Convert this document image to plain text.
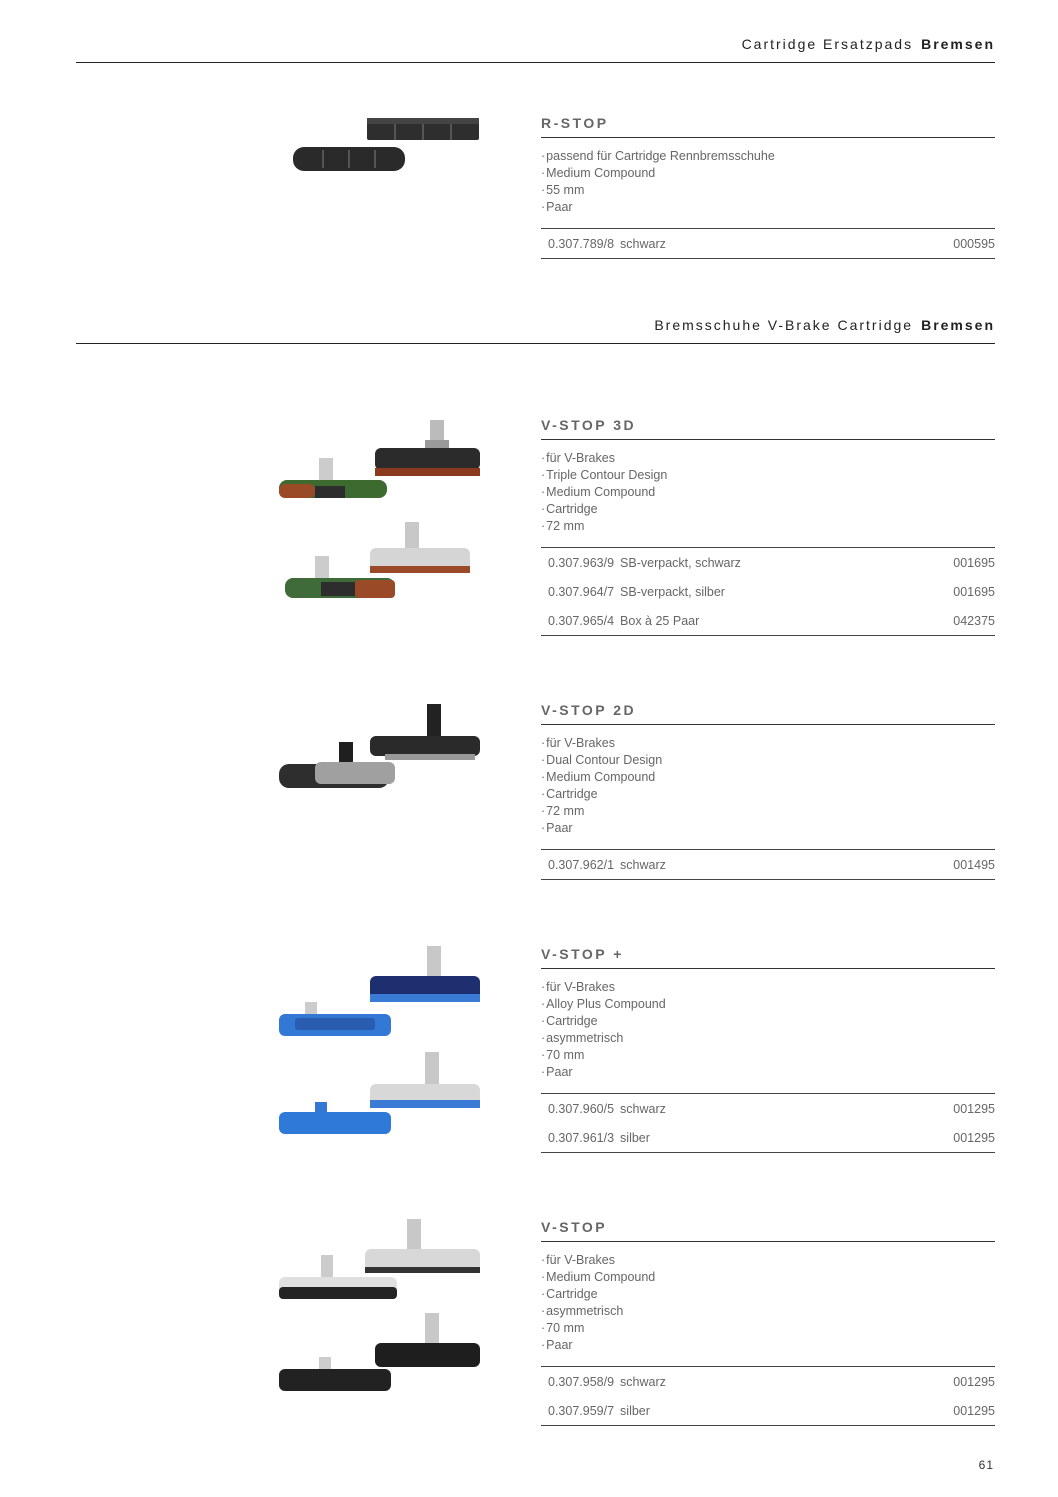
Cartridge Ersatzpads Bremsen
Bremsschuhe V-Brake Cartridge Bremsen
R-STOP
· passend für Cartridge Rennbremsschuhe
· Medium Compound
· 55 mm
· Paar
0.307.789/8 schwarz	000595
V-STOP 3D
· für V-Brakes
· Triple Contour Design
· Medium Compound
· Cartridge
· 72 mm
0.307.963/9 SB-verpackt, schwarz	001695
0.307.964/7 SB-verpackt, silber	001695
0.307.965/4 Box à 25 Paar	042375
V-STOP 2D
· für V-Brakes
· Dual Contour Design
· Medium Compound
· Cartridge
· 72 mm
· Paar
0.307.962/1 schwarz	001495
V-STOP +
· für V-Brakes
· Alloy Plus Compound
· Cartridge
· asymmetrisch
· 70 mm
· Paar
0.307.960/5 schwarz	001295
0.307.961/3 silber	001295
V-STOP
· für V-Brakes
· Medium Compound
· Cartridge
· asymmetrisch
· 70 mm
· Paar
0.307.958/9 schwarz	001295
0.307.959/7 silber	001295
61
